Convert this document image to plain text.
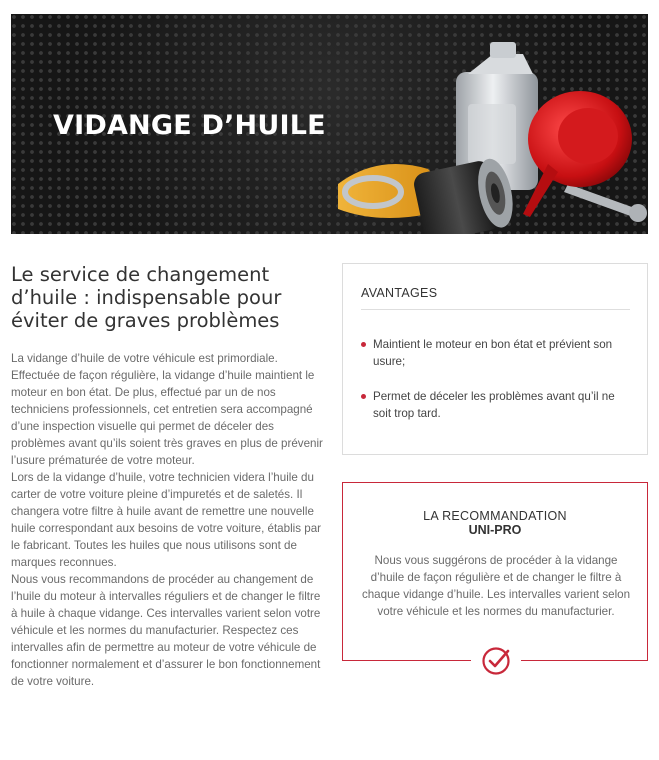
VIDANGE D’HUILE
Le service de changement d’huile : indispensable pour éviter de graves problèmes

La vidange d’huile de votre véhicule est primordiale. Effectuée de façon régulière, la vidange d’huile maintient le moteur en bon état. De plus, effectué par un de nos techniciens professionnels, cet entretien sera accompagné d’une inspection visuelle qui permet de déceler des problèmes avant qu’ils soient très graves en plus de prévenir l’usure prématurée de votre moteur.

Lors de la vidange d’huile, votre technicien videra l’huile du carter de votre voiture pleine d’impuretés et de saletés. Il changera votre filtre à huile avant de remettre une nouvelle huile correspondant aux besoins de votre voiture, établis par le fabricant. Toutes les huiles que nous utilisons sont de marques reconnues.

Nous vous recommandons de procéder au changement de l’huile du moteur à intervalles réguliers et de changer le filtre à huile à chaque vidange. Ces intervalles varient selon votre véhicule et les normes du manufacturier. Respectez ces intervalles afin de permettre au moteur de votre véhicule de fonctionner normalement et d’assurer le bon fonctionnement de votre voiture.

AVANTAGES
Maintient le moteur en bon état et prévient son usure;
Permet de déceler les problèmes avant qu’il ne soit trop tard.
LA RECOMMANDATION
UNI-PRO
Nous vous suggérons de procéder à la vidange d’huile de façon régulière et de changer le filtre à chaque vidange d’huile. Les intervalles varient selon votre véhicule et les normes du manufacturier.
